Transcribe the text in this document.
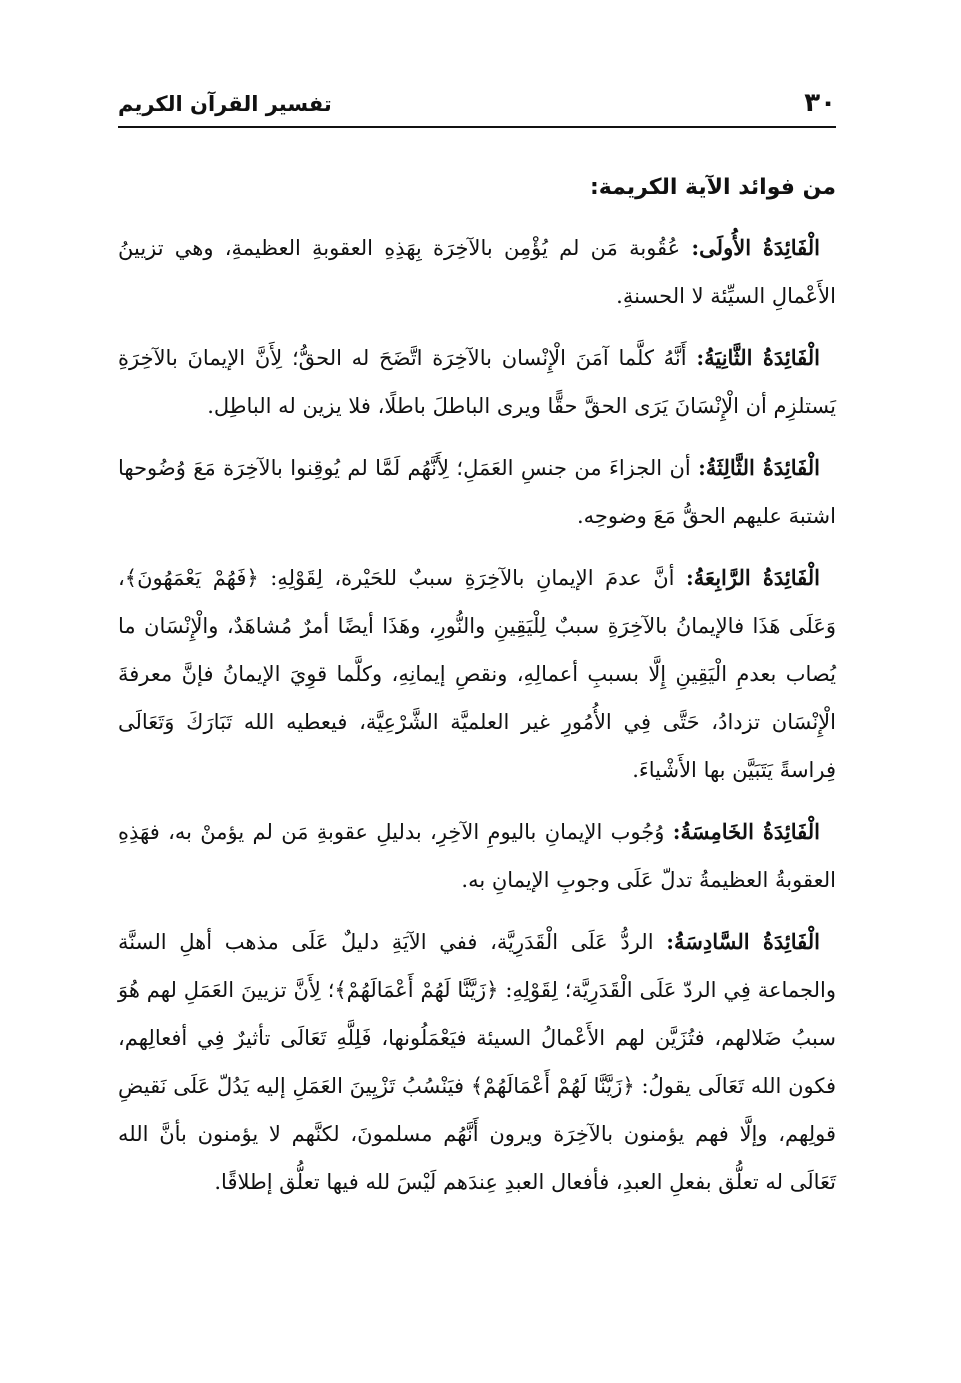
٣٠
تفسير القرآن الكريم
من فوائد الآية الكريمة:

الْفَائِدَةُ الأُولَى: عُقُوبة مَن لم يُؤْمِن بالآخِرَة بِهَذِهِ العقوبةِ العظيمةِ، وهي تزيينُ الأَعْمالِ السيِّئة لا الحسنةِ.

الْفَائِدَةُ الثَّانِيَةُ: أَنَّهُ كلَّما آمَنَ الْإِنْسان بالآخِرَة اتَّضَحَ له الحقُّ؛ لِأَنَّ الإيمانَ بالآخِرَةِ يَستلزِم أن الْإِنْسَانَ يَرَى الحقَّ حقًّا ويرى الباطلَ باطلًا، فلا يزين له الباطِل.

الْفَائِدَةُ الثَّالِثَةُ: أن الجزاءَ من جنسِ العَمَلِ؛ لِأَنَّهُم لَمَّا لم يُوقِنوا بالآخِرَة مَعَ وُضُوحها اشتبهَ عليهم الحقُّ مَعَ وضوحِه.

الْفَائِدَةُ الرَّابِعَةُ: أنَّ عدمَ الإيمانِ بالآخِرَةِ سببٌ للحَيْرة، لِقَوْلِهِ: ﴿فَهُمْ يَعْمَهُونَ﴾، وَعَلَى هَذَا فالإيمانُ بالآخِرَةِ سببٌ لِلْيَقِينِ والنُّورِ، وهَذَا أيضًا أمرٌ مُشاهَدٌ، والْإِنْسَان ما يُصاب بعدمِ الْيَقِينِ إِلَّا بسببِ أعمالِهِ، ونقصِ إيمانِهِ، وكلَّما قوِيَ الإيمانُ فإنَّ معرفةَ الْإِنْسَان تزدادُ، حَتَّى فِي الأُمُورِ غير العلميَّة الشَّرْعِيَّة، فيعطيه الله تَبَارَكَ وَتَعَالَى فِراسةً يَتَبَيَّن بها الأَشْياءَ.

الْفَائِدَةُ الخَامِسَةُ: وُجُوب الإيمانِ باليومِ الآخِرِ، بدليلِ عقوبةِ مَن لم يؤمنْ به، فهَذِهِ العقوبةُ العظيمةُ تدلّ عَلَى وجوبِ الإيمانِ به.

الْفَائِدَةُ السَّادِسَةُ: الردُّ عَلَى الْقَدَرِيَّة، ففي الآيَةِ دليلٌ عَلَى مذهب أهلِ السنَّة والجماعة فِي الردّ عَلَى الْقَدَرِيَّة؛ لِقَوْلِهِ: ﴿زَيَّنَّا لَهُمْ أَعْمَالَهُمْ﴾؛ لِأَنَّ تزيينَ العَمَلِ لهم هُوَ سببُ ضَلالهم، فتُزَيَّن لهم الأَعْمالُ السيئة فيَعْمَلُونها، فَلِلَّهِ تَعَالَى تأثيرٌ فِي أفعالِهم، فكون الله تَعَالَى يقولُ: ﴿زَيَّنَّا لَهُمْ أَعْمَالَهُمْ﴾ فيَنْسُبُ تَزْيِينَ العَمَلِ إليه يَدُلّ عَلَى نَقيضِ قولِهم، وإلَّا فهم يؤمنون بالآخِرَة ويرون أَنَّهُم مسلمونَ، لكنَّهم لا يؤمنون بأنَّ الله تَعَالَى له تعلُّق بفعلِ العبدِ، فأفعال العبدِ عِندَهم لَيْسَ لله فيها تعلُّق إطلاقًا.
